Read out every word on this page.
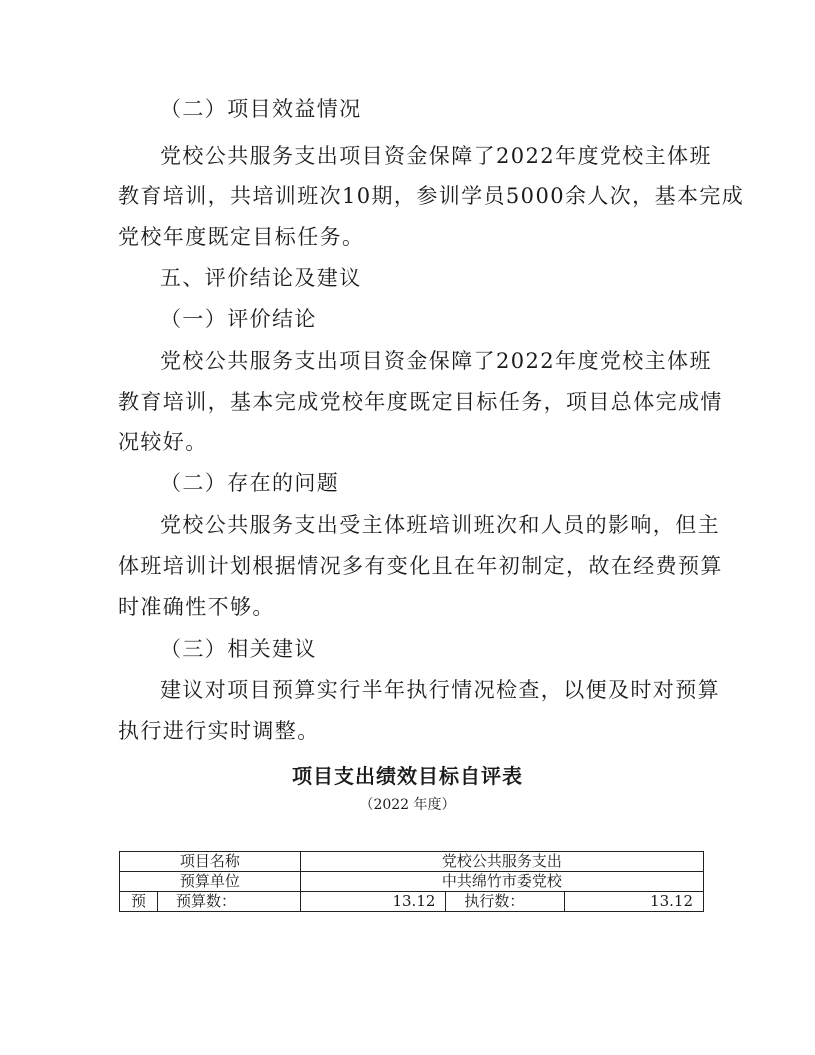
（二）项目效益情况
党校公共服务支出项目资金保障了2022年度党校主体班
教育培训，共培训班次10期，参训学员5000余人次，基本完成
党校年度既定目标任务。
五、评价结论及建议
（一）评价结论
党校公共服务支出项目资金保障了2022年度党校主体班
教育培训，基本完成党校年度既定目标任务，项目总体完成情
况较好。
（二）存在的问题
党校公共服务支出受主体班培训班次和人员的影响，但主
体班培训计划根据情况多有变化且在年初制定，故在经费预算
时准确性不够。
（三）相关建议
建议对项目预算实行半年执行情况检查，以便及时对预算
执行进行实时调整。
项目支出绩效目标自评表
（2022 年度）
项目名称		党校公共服务支出		
预算单位		中共绵竹市委党校		
预	预算数：	13.12	执行数：	13.12
